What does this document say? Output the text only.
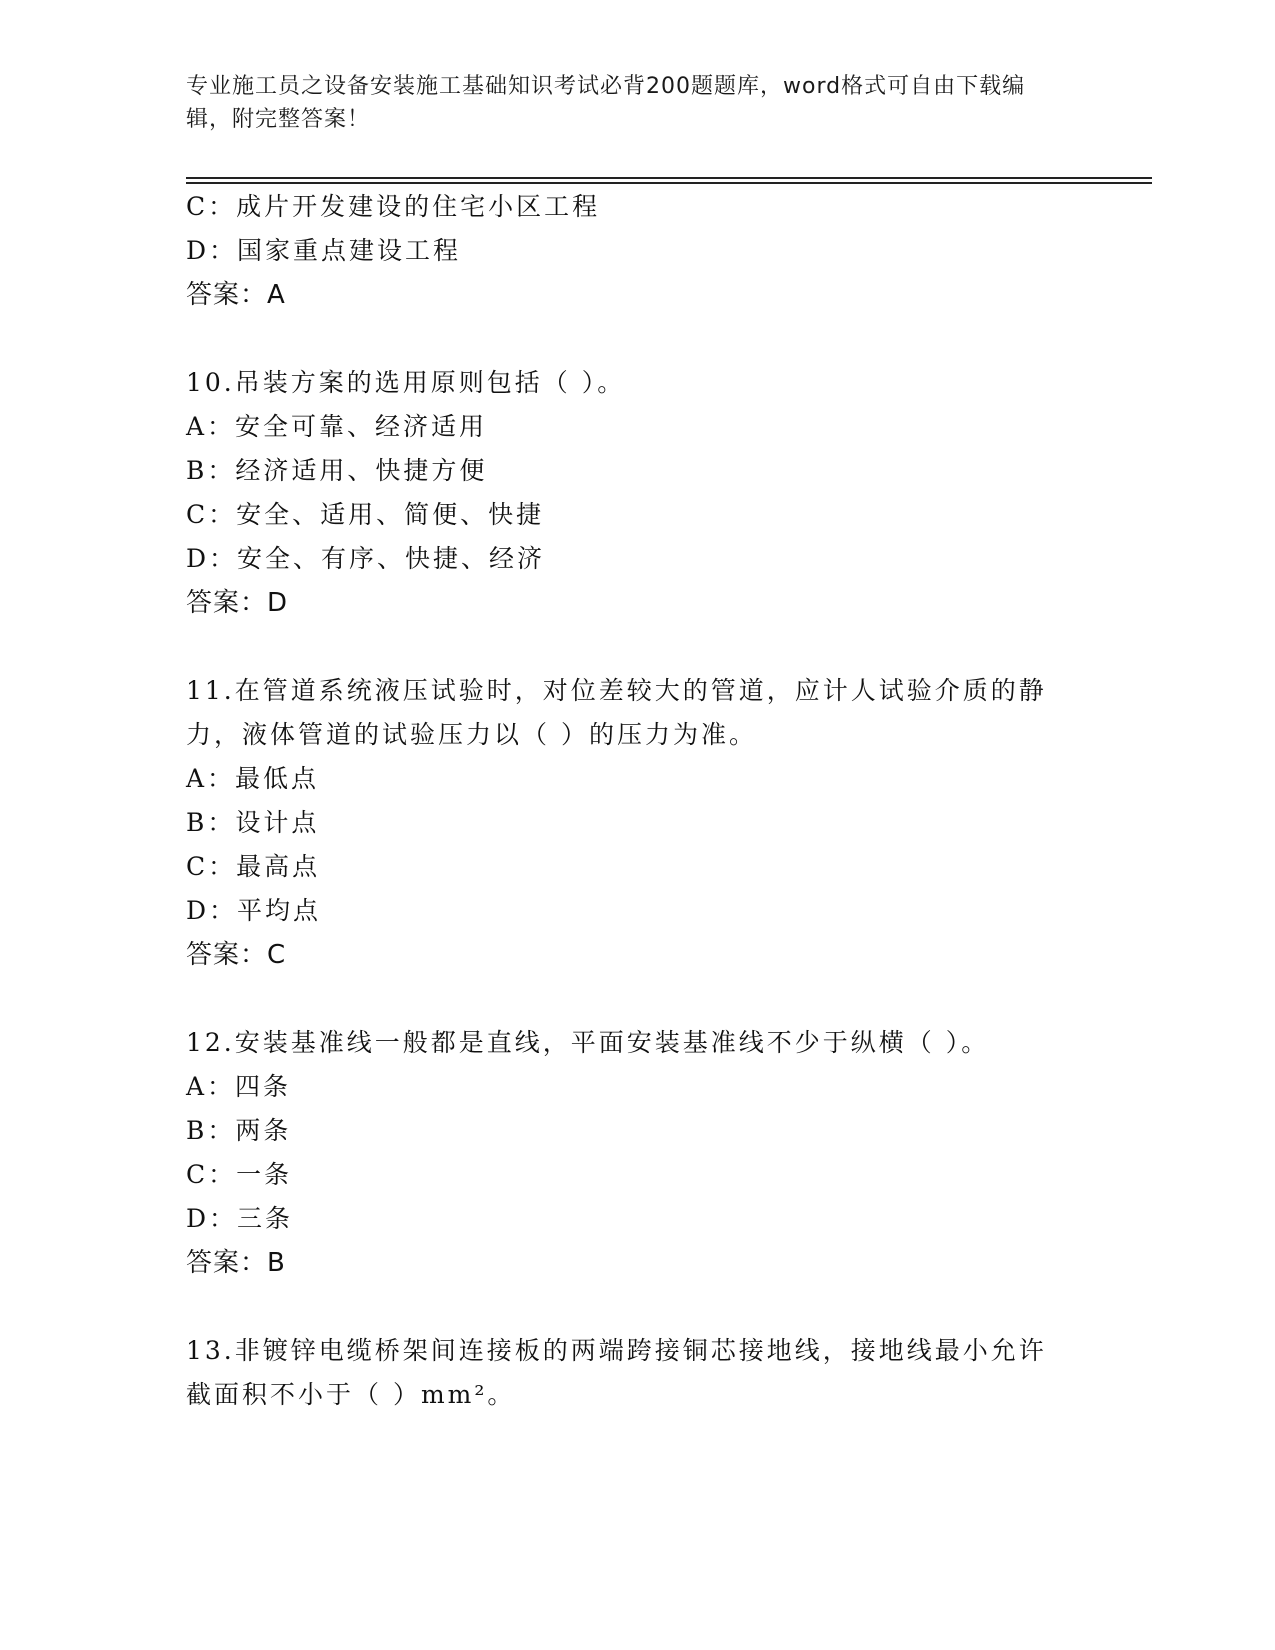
专业施工员之设备安装施工基础知识考试必背200题题库，word格式可自由下载编辑，附完整答案！
C：成片开发建设的住宅小区工程
D：国家重点建设工程
答案：A
10.吊装方案的选用原则包括（ ）。
A：安全可靠、经济适用
B：经济适用、快捷方便
C：安全、适用、简便、快捷
D：安全、有序、快捷、经济
答案：D
11.在管道系统液压试验时，对位差较大的管道，应计人试验介质的静
力，液体管道的试验压力以（ ）的压力为准。
A：最低点
B：设计点
C：最高点
D：平均点
答案：C
12.安装基准线一般都是直线，平面安装基准线不少于纵横（ ）。
A：四条
B：两条
C：一条
D：三条
答案：B
13.非镀锌电缆桥架间连接板的两端跨接铜芯接地线，接地线最小允许
截面积不小于（ ）mm²。
